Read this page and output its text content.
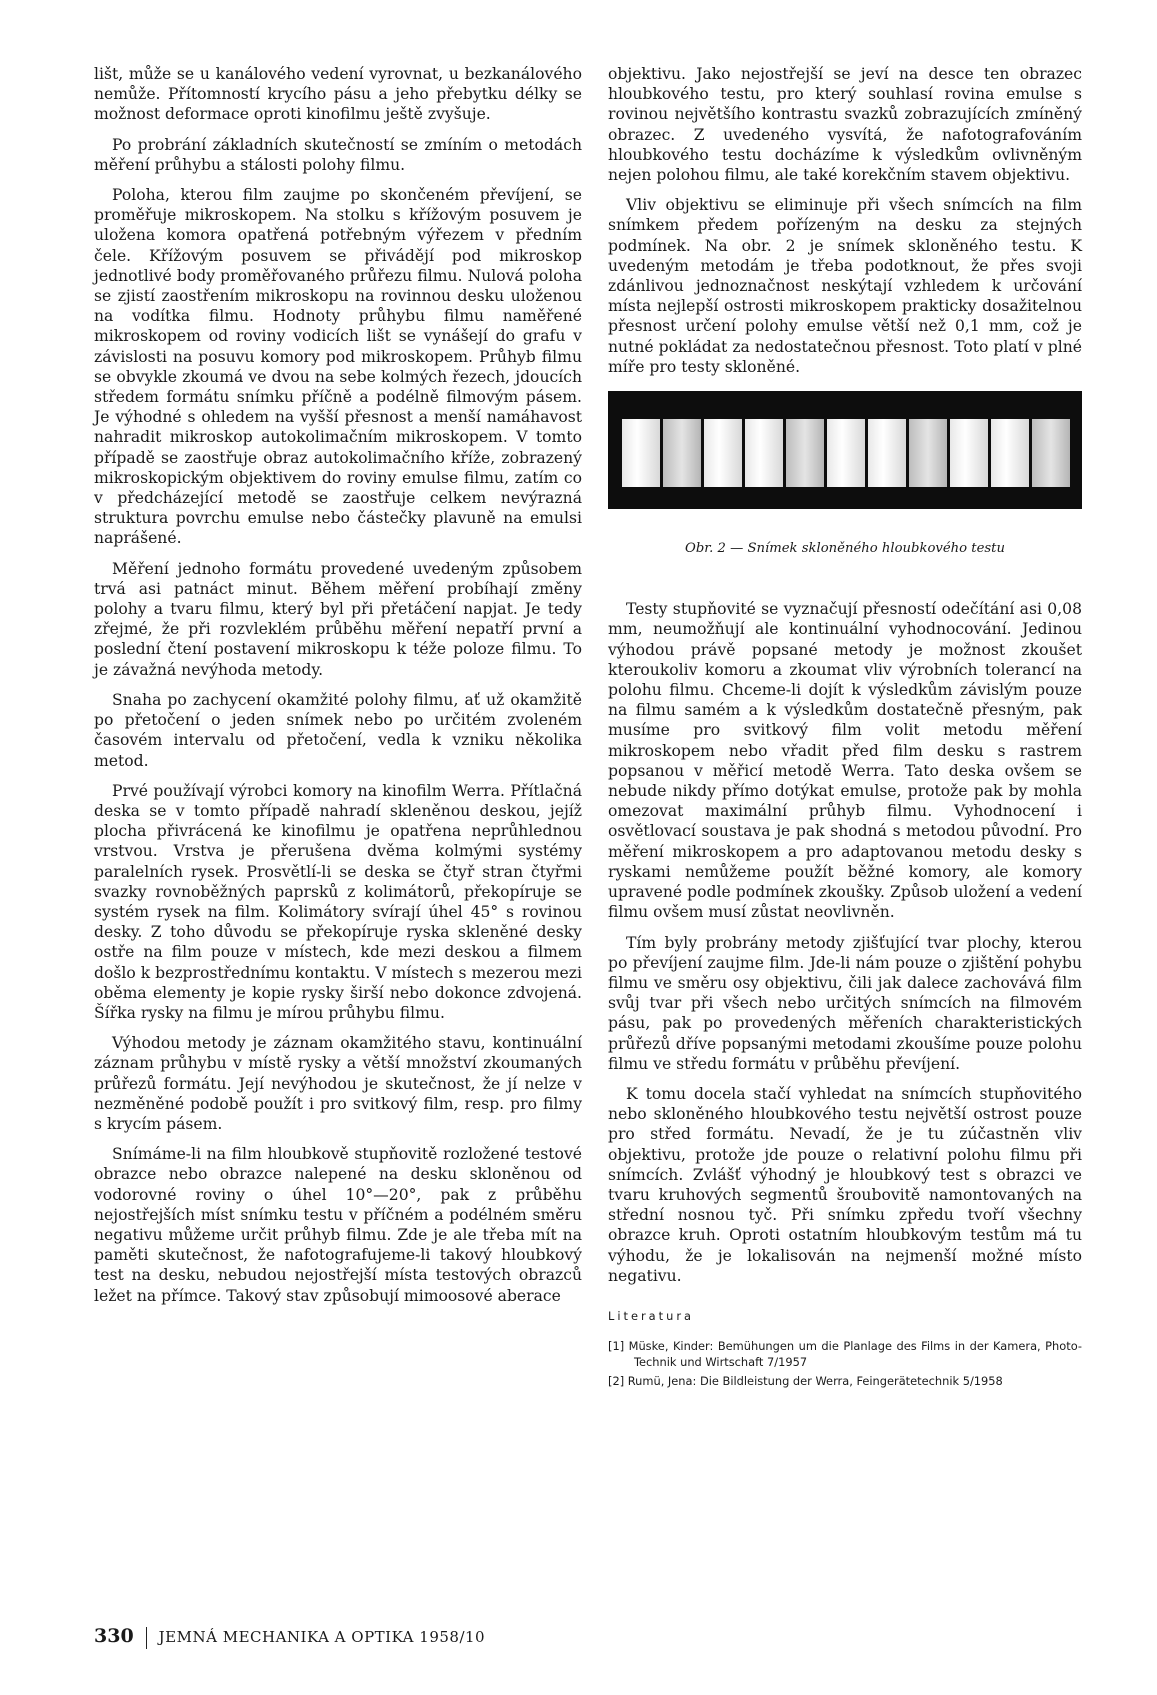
lišt, může se u kanálového vedení vyrovnat, u bezkanálového nemůže. Přítomností krycího pásu a jeho přebytku délky se možnost deformace oproti kinofilmu ještě zvyšuje.

Po probrání základních skutečností se zmíním o metodách měření průhybu a stálosti polohy filmu.

Poloha, kterou film zaujme po skončeném převíjení, se proměřuje mikroskopem. Na stolku s křížovým posuvem je uložena komora opatřená potřebným výřezem v předním čele. Křížovým posuvem se přivádějí pod mikroskop jednotlivé body proměřovaného průřezu filmu. Nulová poloha se zjistí zaostřením mikroskopu na rovinnou desku uloženou na vodítka filmu. Hodnoty průhybu filmu naměřené mikroskopem od roviny vodicích lišt se vynášejí do grafu v závislosti na posuvu komory pod mikroskopem. Průhyb filmu se obvykle zkoumá ve dvou na sebe kolmých řezech, jdoucích středem formátu snímku příčně a podélně filmovým pásem. Je výhodné s ohledem na vyšší přesnost a menší namáhavost nahradit mikroskop autokolimačním mikroskopem. V tomto případě se zaostřuje obraz autokolimačního kříže, zobrazený mikroskopickým objektivem do roviny emulse filmu, zatím co v předcházející metodě se zaostřuje celkem nevýrazná struktura povrchu emulse nebo částečky plavuně na emulsi naprášené.

Měření jednoho formátu provedené uvedeným způsobem trvá asi patnáct minut. Během měření probíhají změny polohy a tvaru filmu, který byl při přetáčení napjat. Je tedy zřejmé, že při rozvleklém průběhu měření nepatří první a poslední čtení postavení mikroskopu k téže poloze filmu. To je závažná nevýhoda metody.

Snaha po zachycení okamžité polohy filmu, ať už okamžitě po přetočení o jeden snímek nebo po určitém zvoleném časovém intervalu od přetočení, vedla k vzniku několika metod.

Prvé používají výrobci komory na kinofilm Werra. Přítlačná deska se v tomto případě nahradí skleněnou deskou, jejíž plocha přivrácená ke kinofilmu je opatřena neprůhlednou vrstvou. Vrstva je přerušena dvěma kolmými systémy paralelních rysek. Prosvětlí-li se deska se čtyř stran čtyřmi svazky rovnoběžných paprsků z kolimátorů, překopíruje se systém rysek na film. Kolimátory svírají úhel 45° s rovinou desky. Z toho důvodu se překopíruje ryska skleněné desky ostře na film pouze v místech, kde mezi deskou a filmem došlo k bezprostřednímu kontaktu. V místech s mezerou mezi oběma elementy je kopie rysky širší nebo dokonce zdvojená. Šířka rysky na filmu je mírou průhybu filmu.

Výhodou metody je záznam okamžitého stavu, kontinuální záznam průhybu v místě rysky a větší množství zkoumaných průřezů formátu. Její nevýhodou je skutečnost, že jí nelze v nezměněné podobě použít i pro svitkový film, resp. pro filmy s krycím pásem.

Snímáme-li na film hloubkově stupňovitě rozložené testové obrazce nebo obrazce nalepené na desku skloněnou od vodorovné roviny o úhel 10°—20°, pak z průběhu nejostřejších míst snímku testu v příčném a podélném směru negativu můžeme určit průhyb filmu. Zde je ale třeba mít na paměti skutečnost, že nafotografujeme-li takový hloubkový test na desku, nebudou nejostřejší místa testových obrazců ležet na přímce. Takový stav způsobují mimoosové aberace

objektivu. Jako nejostřejší se jeví na desce ten obrazec hloubkového testu, pro který souhlasí rovina emulse s rovinou největšího kontrastu svazků zobrazujících zmíněný obrazec. Z uvedeného vysvítá, že nafotografováním hloubkového testu docházíme k výsledkům ovlivněným nejen polohou filmu, ale také korekčním stavem objektivu.

Vliv objektivu se eliminuje při všech snímcích na film snímkem předem pořízeným na desku za stejných podmínek. Na obr. 2 je snímek skloněného testu. K uvedeným metodám je třeba podotknout, že přes svoji zdánlivou jednoznačnost neskýtají vzhledem k určování místa nejlepší ostrosti mikroskopem prakticky dosažitelnou přesnost určení polohy emulse větší než 0,1 mm, což je nutné pokládat za nedostatečnou přesnost. Toto platí v plné míře pro testy skloněné.

Obr. 2 — Snímek skloněného hloubkového testu

Testy stupňovité se vyznačují přesností odečítání asi 0,08 mm, neumožňují ale kontinuální vyhodnocování. Jedinou výhodou právě popsané metody je možnost zkoušet kteroukoliv komoru a zkoumat vliv výrobních tolerancí na polohu filmu. Chceme-li dojít k výsledkům závislým pouze na filmu samém a k výsledkům dostatečně přesným, pak musíme pro svitkový film volit metodu měření mikroskopem nebo vřadit před film desku s rastrem popsanou v měřicí metodě Werra. Tato deska ovšem se nebude nikdy přímo dotýkat emulse, protože pak by mohla omezovat maximální průhyb filmu. Vyhodnocení i osvětlovací soustava je pak shodná s metodou původní. Pro měření mikroskopem a pro adaptovanou metodu desky s ryskami nemůžeme použít běžné komory, ale komory upravené podle podmínek zkoušky. Způsob uložení a vedení filmu ovšem musí zůstat neovlivněn.

Tím byly probrány metody zjišťující tvar plochy, kterou po převíjení zaujme film. Jde-li nám pouze o zjištění pohybu filmu ve směru osy objektivu, čili jak dalece zachovává film svůj tvar při všech nebo určitých snímcích na filmovém pásu, pak po provedených měřeních charakteristických průřezů dříve popsanými metodami zkoušíme pouze polohu filmu ve středu formátu v průběhu převíjení.

K tomu docela stačí vyhledat na snímcích stupňovitého nebo skloněného hloubkového testu největší ostrost pouze pro střed formátu. Nevadí, že je tu zúčastněn vliv objektivu, protože jde pouze o relativní polohu filmu při snímcích. Zvlášť výhodný je hloubkový test s obrazci ve tvaru kruhových segmentů šroubovitě namontovaných na střední nosnou tyč. Při snímku zpředu tvoří všechny obrazce kruh. Oproti ostatním hloubkovým testům má tu výhodu, že je lokalisován na nejmenší možné místo negativu.

Literatura
[1] Müske, Kinder: Bemühungen um die Planlage des Films in der Kamera, Photo-Technik und Wirtschaft 7/1957
[2] Rumü, Jena: Die Bildleistung der Werra, Feingerätetechnik 5/1958
330 JEMNÁ MECHANIKA A OPTIKA 1958/10
